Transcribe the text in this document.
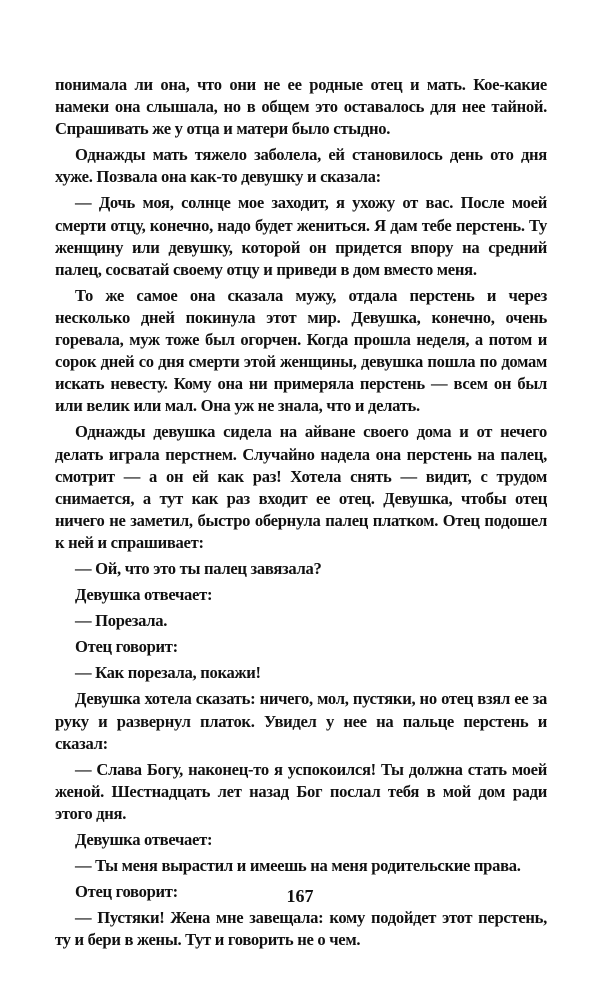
понимала ли она, что они не ее родные отец и мать. Кое-какие намеки она слышала, но в общем это оставалось для нее тайной. Спрашивать же у отца и матери было стыдно.

Однажды мать тяжело заболела, ей становилось день ото дня хуже. Позвала она как-то девушку и сказала:

— Дочь моя, солнце мое заходит, я ухожу от вас. После моей смерти отцу, конечно, надо будет жениться. Я дам тебе перстень. Ту женщину или девушку, которой он придется впору на средний палец, сосватай своему отцу и приведи в дом вместо меня.

То же самое она сказала мужу, отдала перстень и через несколько дней покинула этот мир. Девушка, конечно, очень горевала, муж тоже был огорчен. Когда прошла неделя, а потом и сорок дней со дня смерти этой женщины, девушка пошла по домам искать невесту. Кому она ни примеряла перстень — всем он был или велик или мал. Она уж не знала, что и делать.

Однажды девушка сидела на айване своего дома и от нечего делать играла перстнем. Случайно надела она перстень на палец, смотрит — а он ей как раз! Хотела снять — видит, с трудом снимается, а тут как раз входит ее отец. Девушка, чтобы отец ничего не заметил, быстро обернула палец платком. Отец подошел к ней и спрашивает:

— Ой, что это ты палец завязала?

Девушка отвечает:

— Порезала.

Отец говорит:

— Как порезала, покажи!

Девушка хотела сказать: ничего, мол, пустяки, но отец взял ее за руку и развернул платок. Увидел у нее на пальце перстень и сказал:

— Слава Богу, наконец-то я успокоился! Ты должна стать моей женой. Шестнадцать лет назад Бог послал тебя в мой дом ради этого дня.

Девушка отвечает:

— Ты меня вырастил и имеешь на меня родительские права.

Отец говорит:

— Пустяки! Жена мне завещала: кому подойдет этот перстень, ту и бери в жены. Тут и говорить не о чем.

167
